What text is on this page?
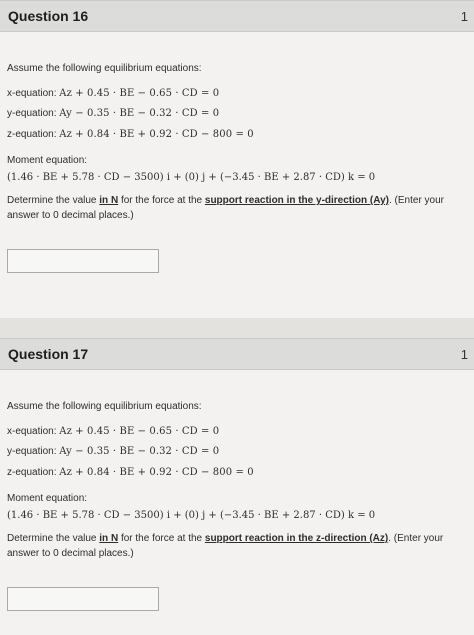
Question 16	1
Assume the following equilibrium equations:
x-equation: Az + 0.45 · BE − 0.65 · CD = 0
y-equation: Ay − 0.35 · BE − 0.32 · CD = 0
z-equation: Az + 0.84 · BE + 0.92 · CD − 800 = 0
Moment equation:
(1.46 · BE + 5.78 · CD − 3500) i + (0) j + (−3.45 · BE + 2.87 · CD) k = 0
Determine the value in N for the force at the support reaction in the y-direction (Ay). (Enter your answer to 0 decimal places.)
Question 17	1
Assume the following equilibrium equations:
x-equation: Az + 0.45 · BE − 0.65 · CD = 0
y-equation: Ay − 0.35 · BE − 0.32 · CD = 0
z-equation: Az + 0.84 · BE + 0.92 · CD − 800 = 0
Moment equation:
(1.46 · BE + 5.78 · CD − 3500) i + (0) j + (−3.45 · BE + 2.87 · CD) k = 0
Determine the value in N for the force at the support reaction in the z-direction (Az). (Enter your answer to 0 decimal places.)
